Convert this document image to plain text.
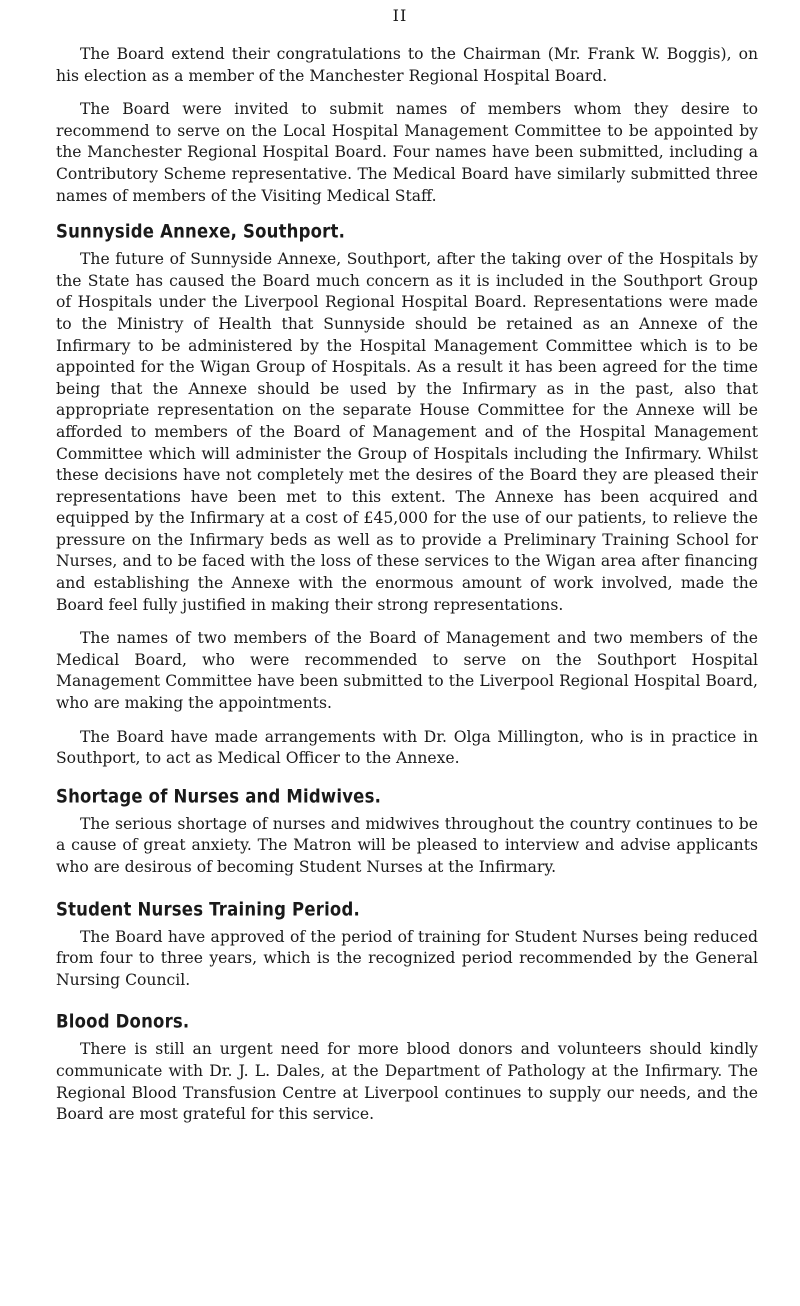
II

The Board extend their congratulations to the Chairman (Mr. Frank W. Boggis), on his election as a member of the Manchester Regional Hospital Board.

The Board were invited to submit names of members whom they desire to recommend to serve on the Local Hospital Management Committee to be appointed by the Manchester Regional Hospital Board. Four names have been submitted, including a Contributory Scheme representative. The Medical Board have similarly submitted three names of members of the Visiting Medical Staff.

Sunnyside Annexe, Southport.

The future of Sunnyside Annexe, Southport, after the taking over of the Hospitals by the State has caused the Board much concern as it is included in the Southport Group of Hospitals under the Liverpool Regional Hospital Board. Representations were made to the Ministry of Health that Sunnyside should be retained as an Annexe of the Infirmary to be administered by the Hospital Management Committee which is to be appointed for the Wigan Group of Hospitals. As a result it has been agreed for the time being that the Annexe should be used by the Infirmary as in the past, also that appropriate representation on the separate House Committee for the Annexe will be afforded to members of the Board of Management and of the Hospital Management Committee which will administer the Group of Hospitals including the Infirmary. Whilst these decisions have not completely met the desires of the Board they are pleased their representations have been met to this extent. The Annexe has been acquired and equipped by the Infirmary at a cost of £45,000 for the use of our patients, to relieve the pressure on the Infirmary beds as well as to provide a Preliminary Training School for Nurses, and to be faced with the loss of these services to the Wigan area after financing and establishing the Annexe with the enormous amount of work involved, made the Board feel fully justified in making their strong representations.

The names of two members of the Board of Management and two members of the Medical Board, who were recommended to serve on the Southport Hospital Management Committee have been submitted to the Liverpool Regional Hospital Board, who are making the appointments.

The Board have made arrangements with Dr. Olga Millington, who is in practice in Southport, to act as Medical Officer to the Annexe.

Shortage of Nurses and Midwives.

The serious shortage of nurses and midwives throughout the country continues to be a cause of great anxiety. The Matron will be pleased to interview and advise applicants who are desirous of becoming Student Nurses at the Infirmary.

Student Nurses Training Period.

The Board have approved of the period of training for Student Nurses being reduced from four to three years, which is the recognized period recommended by the General Nursing Council.

Blood Donors.

There is still an urgent need for more blood donors and volunteers should kindly communicate with Dr. J. L. Dales, at the Department of Pathology at the Infirmary. The Regional Blood Transfusion Centre at Liverpool continues to supply our needs, and the Board are most grateful for this service.
